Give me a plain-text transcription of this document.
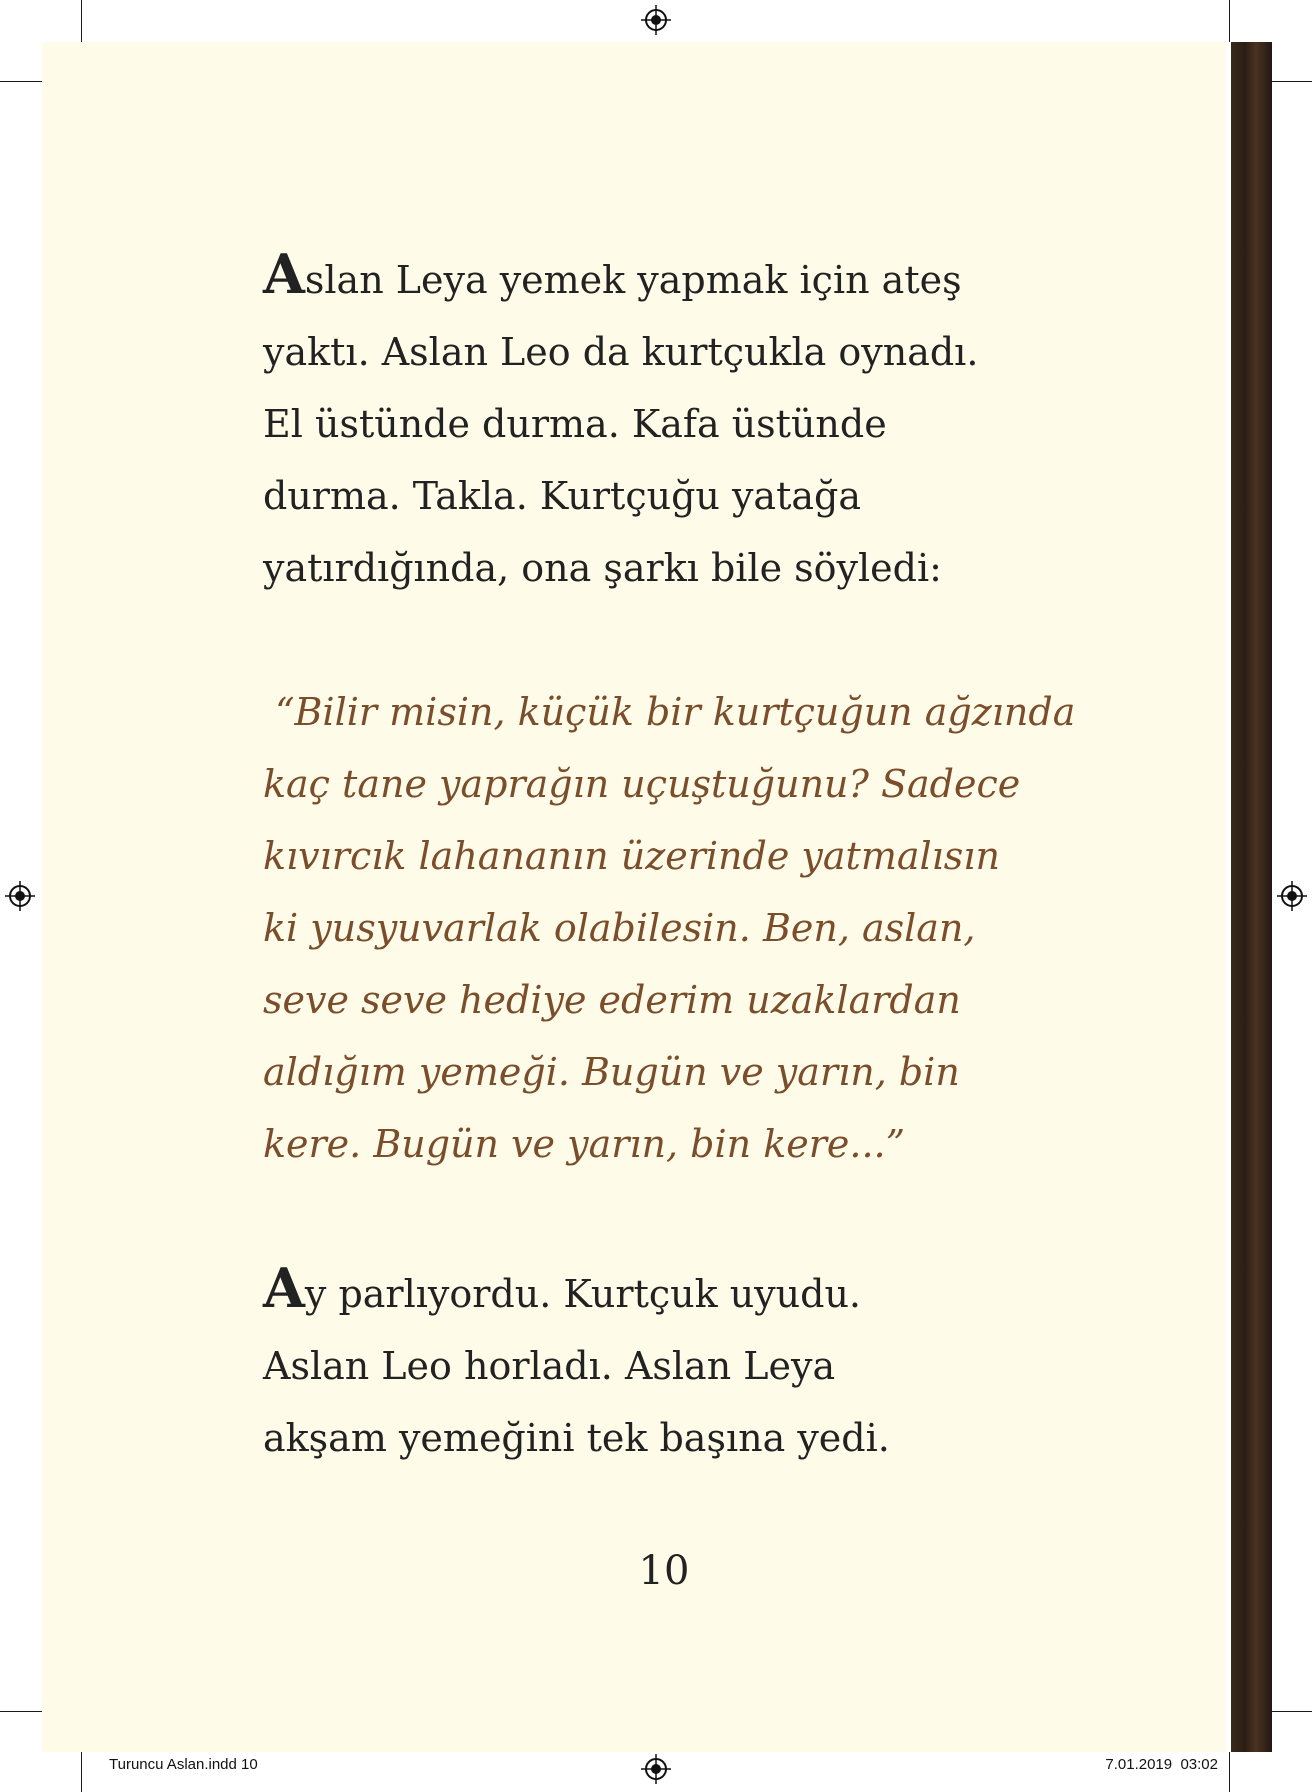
Aslan Leya yemek yapmak için ateş
yaktı. Aslan Leo da kurtçukla oynadı.
El üstünde durma. Kafa üstünde
durma. Takla. Kurtçuğu yatağa
yatırdığında, ona şarkı bile söyledi:

“Bilir misin, küçük bir kurtçuğun ağzında
kaç tane yaprağın uçuştuğunu? Sadece
kıvırcık lahananın üzerinde yatmalısın
ki yusyuvarlak olabilesin. Ben, aslan,
seve seve hediye ederim uzaklardan
aldığım yemeği. Bugün ve yarın, bin
kere. Bugün ve yarın, bin kere...”

Ay parlıyordu. Kurtçuk uyudu.
Aslan Leo horladı. Aslan Leya
akşam yemeğini tek başına yedi.

10
Turuncu Aslan.indd 10	7.01.2019 03:02
